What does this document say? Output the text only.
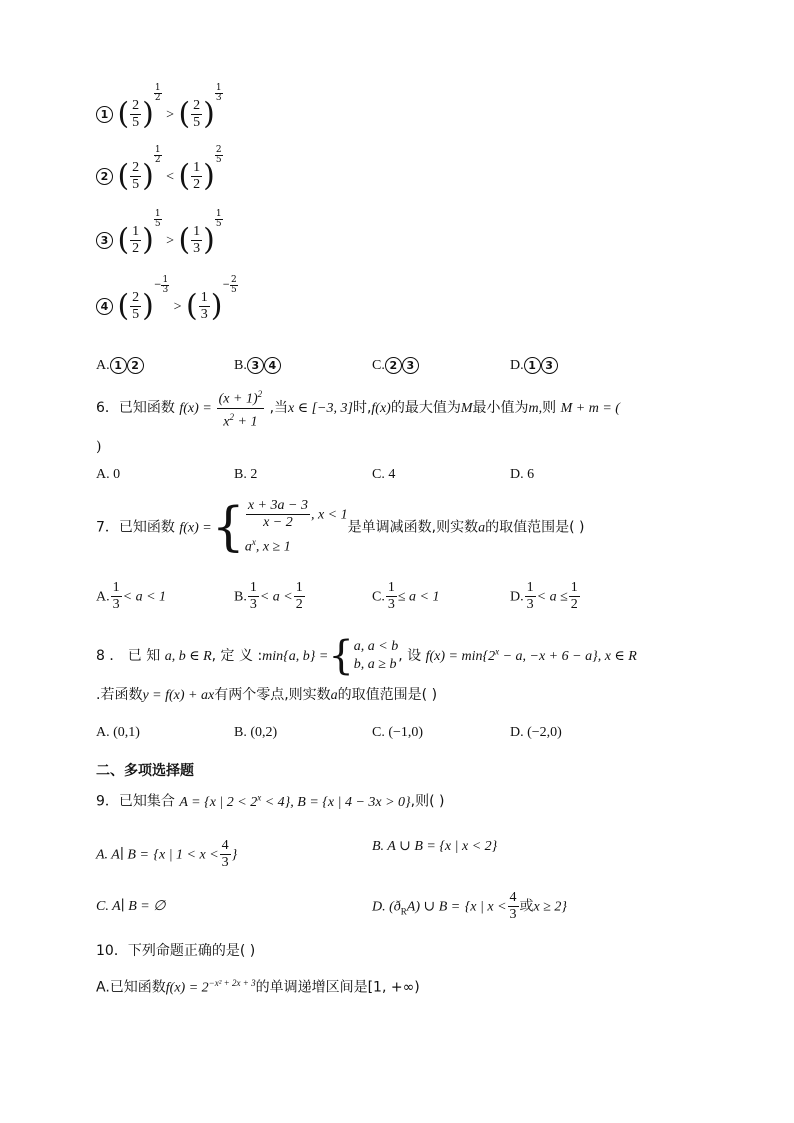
1 ( $\frac{2}{5}$ )
$\frac{1}{2}$
> ( $\frac{2}{5}$ )
$\frac{1}{3}$
2 ( $\frac{2}{5}$ )
$\frac{1}{2}$
< ( $\frac{1}{2}$ )
$\frac{2}{5}$
3 ( $\frac{1}{2}$ )
$\frac{1}{5}$
> ( $\frac{1}{3}$ )
$\frac{1}{5}$
4 ( $\frac{2}{5}$ )− $\frac{1}{3}$
> ( $\frac{1}{3}$ )− $\frac{2}{5}$
A. 1 2	B. 3 4	C. 2 3	D. 1 3
6．已知函数 $f(x) = \frac{(x + 1)^2}{x^2 + 1}$ ,当x ∈ [−3, 3]时,f(x)的最大值为M最小值为m,则 M + m = (
)
A. 0	B. 2	C. 4	D. 6
7．已知函数 f(x) ={ $\frac{x + 3a - 3}{x - 2}$ , x < 1
$a^x$, x ≥ 1
是单调减函数,则实数a的取值范围是( )
A. $\frac{1}{3} < a < 1$	B. $\frac{1}{3} < a < \frac{1}{2}$	C. $\frac{1}{3} \le a < 1$	D. $\frac{1}{3} < a \le \frac{1}{2}$
8 ． 已 知 a, b ∈ R, 定 义 :min{a, b} ={ a, a < b
b, a ≥ b
, 设 $f(x) = \min\{2^x - a$, −x + 6 − a}, x ∈ R
.若函数y = f(x) + ax有两个零点,则实数a的取值范围是( )
A. (0,1)	B. (0,2)	C. (−1,0)	D. (−2,0)
二、多项选择题
9．已知集合 A = {x | $2 < 2^x < 4$}, B = {x | 4 − 3x > 0},则( )
A. A∣ B = {x | $1 < x < \frac{4}{3}$ }
B. A ∪ B = {x | x < 2}
C. A∣ B = ∅	D. $(ð_RA)$ ∪ B = {x | $x < \frac{4}{3}$ 或x ≥ 2}
10．下列命题正确的是( )
A.已知函数$f(x) = 2^{-x^2 + 2x + 3}$的单调递增区间是[1, +∞)
